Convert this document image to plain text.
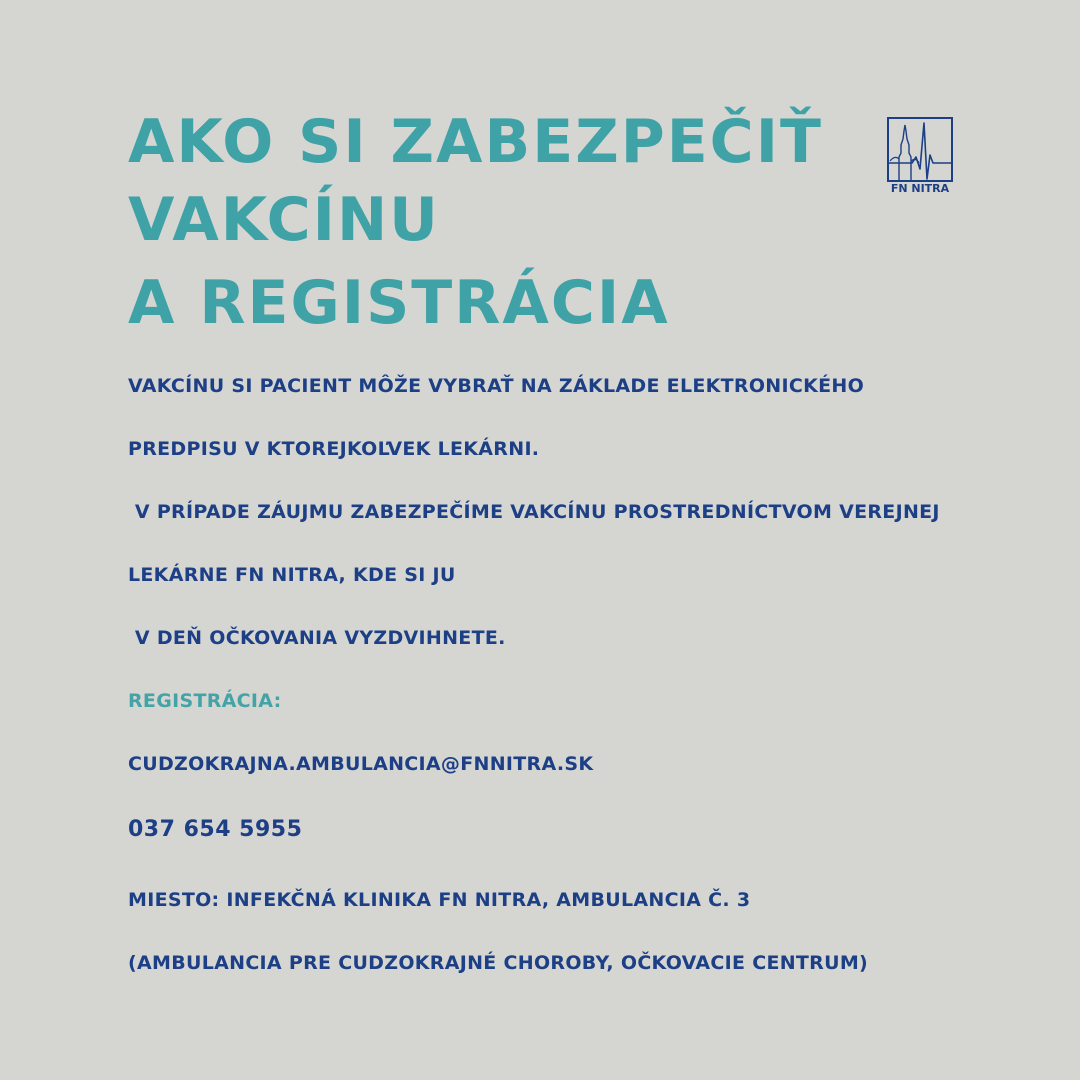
AKO SI ZABEZPEČIŤ
VAKCÍNU
A REGISTRÁCIA
FN NITRA

VAKCÍNU SI PACIENT MÔŽE VYBRAŤ NA ZÁKLADE ELEKTRONICKÉHO

PREDPISU V KTOREJKOĽVEK LEKÁRNI.

V PRÍPADE ZÁUJMU ZABEZPEČÍME VAKCÍNU PROSTREDNÍCTVOM VEREJNEJ

LEKÁRNE FN NITRA, KDE SI JU

V DEŇ OČKOVANIA VYZDVIHNETE.

REGISTRÁCIA:

CUDZOKRAJNA.AMBULANCIA@FNNITRA.SK

037 654 5955

MIESTO: INFEKČNÁ KLINIKA FN NITRA, AMBULANCIA Č. 3

(AMBULANCIA PRE CUDZOKRAJNÉ CHOROBY, OČKOVACIE CENTRUM)
